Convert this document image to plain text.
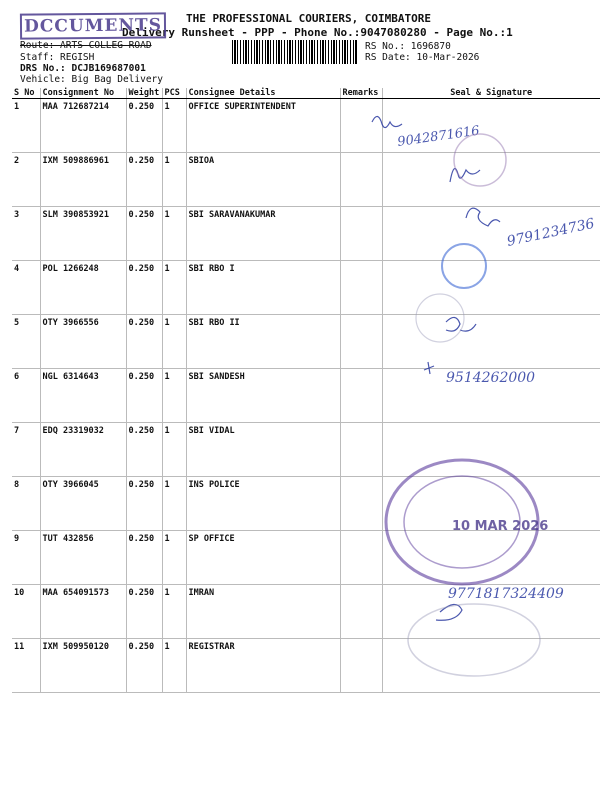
THE PROFESSIONAL COURIERS, COIMBATORE
Delivery Runsheet - PPP - Phone No.:9047080280 - Page No.:1
DCCUMENTS
Route: ARTS COLLEG ROAD
Staff: REGISH
DRS No.: DCJB169687001
Vehicle: Big Bag Delivery
RS No.: 1696870
RS Date: 10-Mar-2026
S No	Consignment No	Weight	PCS	Consignee Details	Remarks	Seal & Signature
1	MAA 712687214	0.250	1	OFFICE SUPERINTENDENT		
2	IXM 509886961	0.250	1	SBIOA		
3	SLM 390853921	0.250	1	SBI SARAVANAKUMAR		
4	POL 1266248	0.250	1	SBI RBO I		
5	OTY 3966556	0.250	1	SBI RBO II		
6	NGL 6314643	0.250	1	SBI SANDESH		
7	EDQ 23319032	0.250	1	SBI VIDAL		
8	OTY 3966045	0.250	1	INS POLICE		
9	TUT 432856	0.250	1	SP OFFICE		
10	MAA 654091573	0.250	1	IMRAN		
11	IXM 509950120	0.250	1	REGISTRAR		
9042871616
9791234736
9514262000
9771817324409
10 MAR 2026
